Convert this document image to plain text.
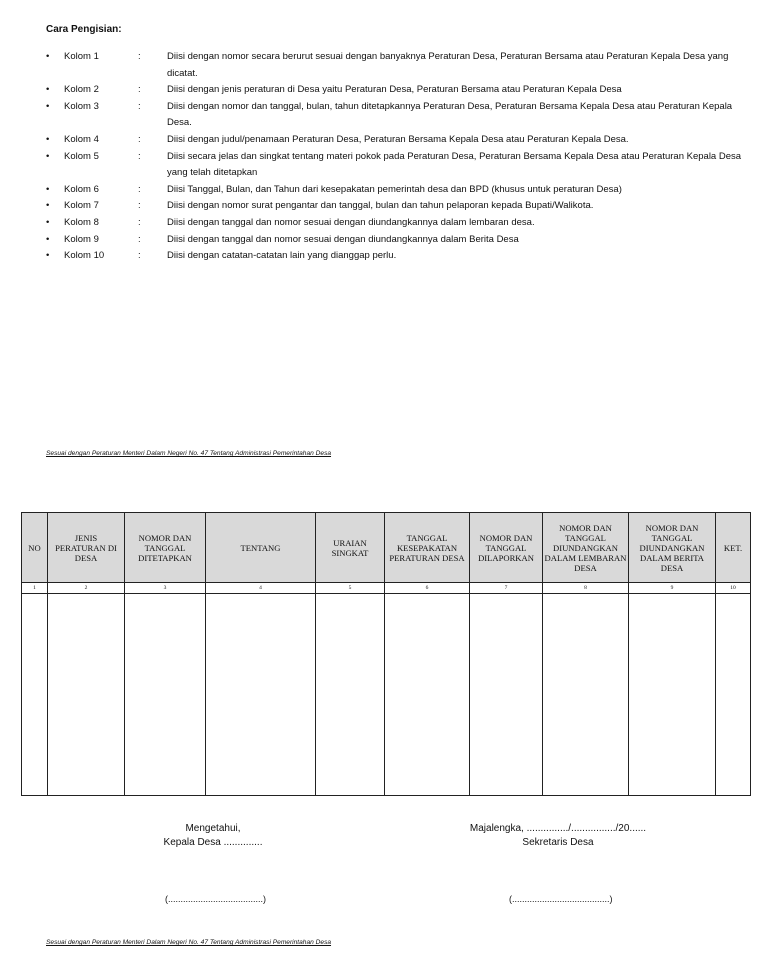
Cara Pengisian:
•	Kolom 1	:	Diisi dengan nomor secara berurut sesuai dengan banyaknya Peraturan Desa, Peraturan Bersama atau Peraturan Kepala Desa yang dicatat.
•	Kolom 2	:	Diisi dengan jenis peraturan di Desa yaitu Peraturan Desa, Peraturan Bersama atau Peraturan Kepala Desa
•	Kolom 3	:	Diisi dengan nomor dan tanggal, bulan, tahun ditetapkannya Peraturan Desa, Peraturan Bersama Kepala Desa atau Peraturan Kepala Desa.
•	Kolom 4	:	Diisi dengan judul/penamaan Peraturan Desa, Peraturan Bersama Kepala Desa atau Peraturan Kepala Desa.
•	Kolom 5	:	Diisi secara jelas dan singkat tentang materi pokok pada Peraturan Desa, Peraturan Bersama Kepala Desa atau Peraturan Kepala Desa yang telah ditetapkan
•	Kolom 6	:	Diisi Tanggal, Bulan, dan Tahun dari kesepakatan pemerintah desa dan BPD (khusus untuk peraturan Desa)
•	Kolom 7	:	Diisi dengan nomor surat pengantar dan tanggal, bulan dan tahun pelaporan kepada Bupati/Walikota.
•	Kolom 8	:	Diisi dengan tanggal dan nomor sesuai dengan diundangkannya dalam lembaran desa.
•	Kolom 9	:	Diisi dengan tanggal dan nomor sesuai dengan diundangkannya dalam Berita Desa
•	Kolom 10	:	Diisi dengan catatan-catatan lain yang dianggap perlu.
Sesuai dengan Peraturan Menteri Dalam Negeri No. 47 Tentang Administrasi Pemerintahan Desa
NO	JENIS PERATURAN DI DESA	NOMOR DAN TANGGAL DITETAPKAN	TENTANG	URAIAN SINGKAT	TANGGAL KESEPAKATAN PERATURAN DESA	NOMOR DAN TANGGAL DILAPORKAN	NOMOR DAN TANGGAL DIUNDANGKAN DALAM LEMBARAN DESA	NOMOR DAN TANGGAL DIUNDANGKAN DALAM BERITA DESA	KET.
1	2	3	4	5	6	7	8	9	10

Mengetahui,
Kepala Desa ..............
Majalengka, .............../................/20......
Sekretaris Desa
(......................................)	(.......................................)
Sesuai dengan Peraturan Menteri Dalam Negeri No. 47 Tentang Administrasi Pemerintahan Desa
